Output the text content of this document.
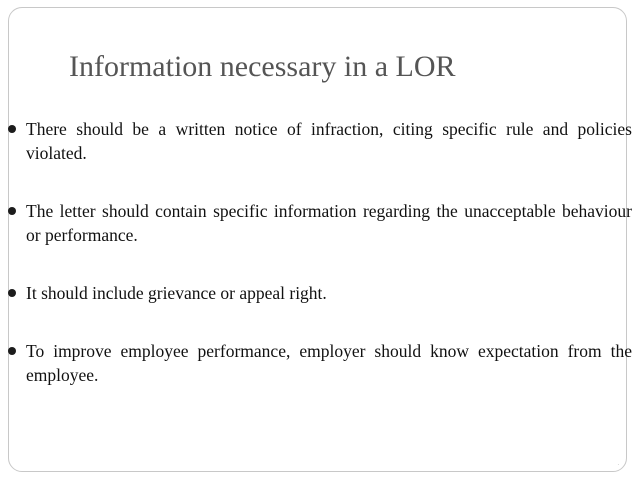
Information necessary in a LOR
There should be a written notice of infraction, citing specific rule and policies violated.
The letter should contain specific information regarding the unacceptable behaviour or performance.
It should include grievance or appeal right.
To improve employee performance, employer should know expectation from the employee.
·
